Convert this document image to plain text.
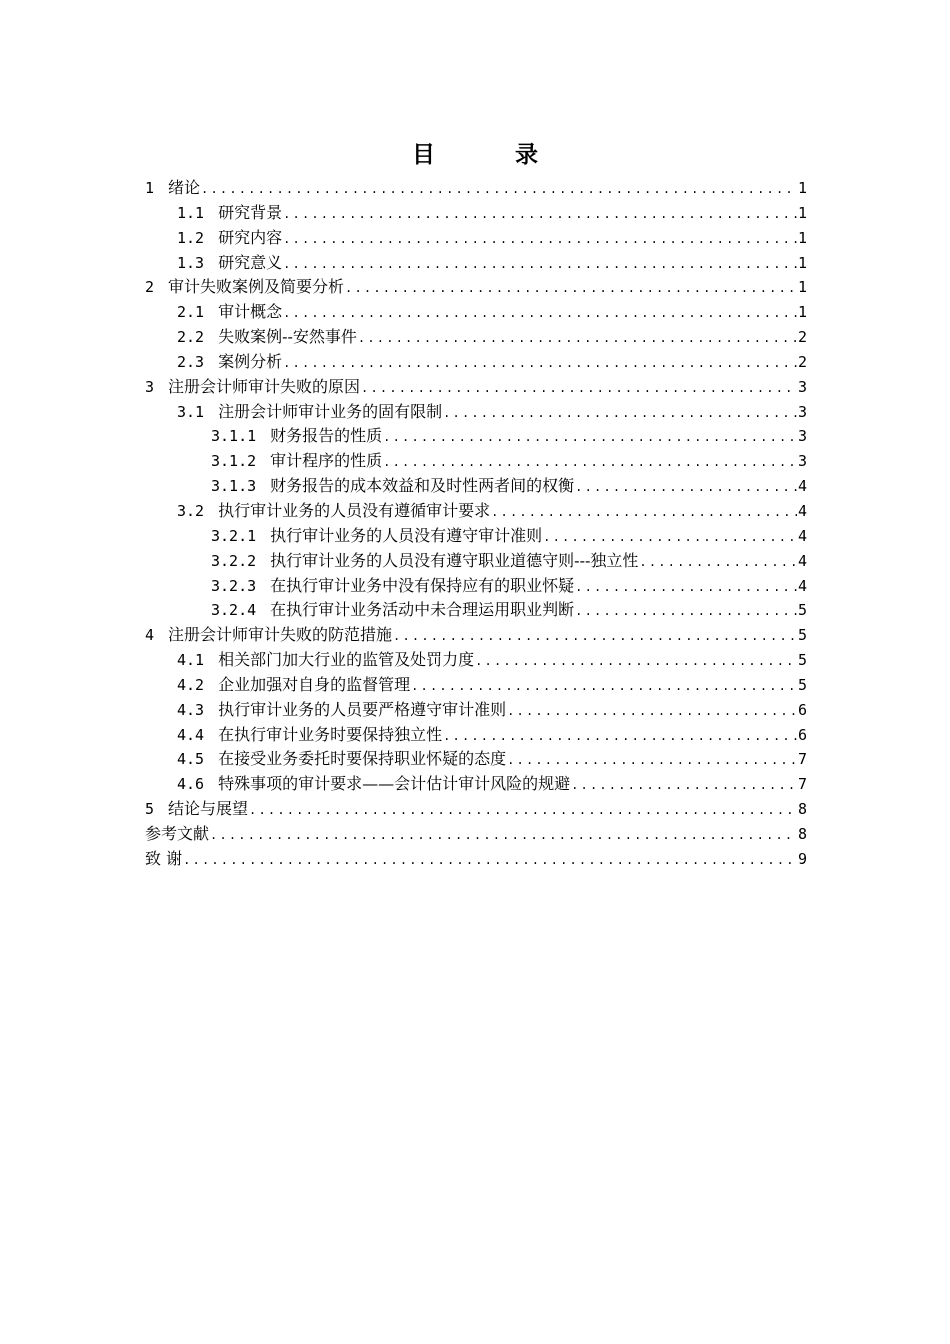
目 录
1 绪论 .....	1
1.1 研究背景 .....	1
1.2 研究内容 .....	1
1.3 研究意义 .....	1
2 审计失败案例及简要分析 .....	1
2.1 审计概念 .....	1
2.2 失败案例--安然事件 .....	2
2.3 案例分析 .....	2
3 注册会计师审计失败的原因 .....	3
3.1 注册会计师审计业务的固有限制 .....	3
3.1.1 财务报告的性质 .....	3
3.1.2 审计程序的性质 .....	3
3.1.3 财务报告的成本效益和及时性两者间的权衡 .....	4
3.2 执行审计业务的人员没有遵循审计要求 .....	4
3.2.1 执行审计业务的人员没有遵守审计准则 .....	4
3.2.2 执行审计业务的人员没有遵守职业道德守则---独立性 .....	4
3.2.3 在执行审计业务中没有保持应有的职业怀疑 .....	4
3.2.4 在执行审计业务活动中未合理运用职业判断 .....	5
4 注册会计师审计失败的防范措施 .....	5
4.1 相关部门加大行业的监管及处罚力度 .....	5
4.2 企业加强对自身的监督管理 .....	5
4.3 执行审计业务的人员要严格遵守审计准则 .....	6
4.4 在执行审计业务时要保持独立性 .....	6
4.5 在接受业务委托时要保持职业怀疑的态度 .....	7
4.6 特殊事项的审计要求——会计估计审计风险的规避 .....	7
5 结论与展望 .....	8
参考文献 .....	8
致 谢 .....	9
